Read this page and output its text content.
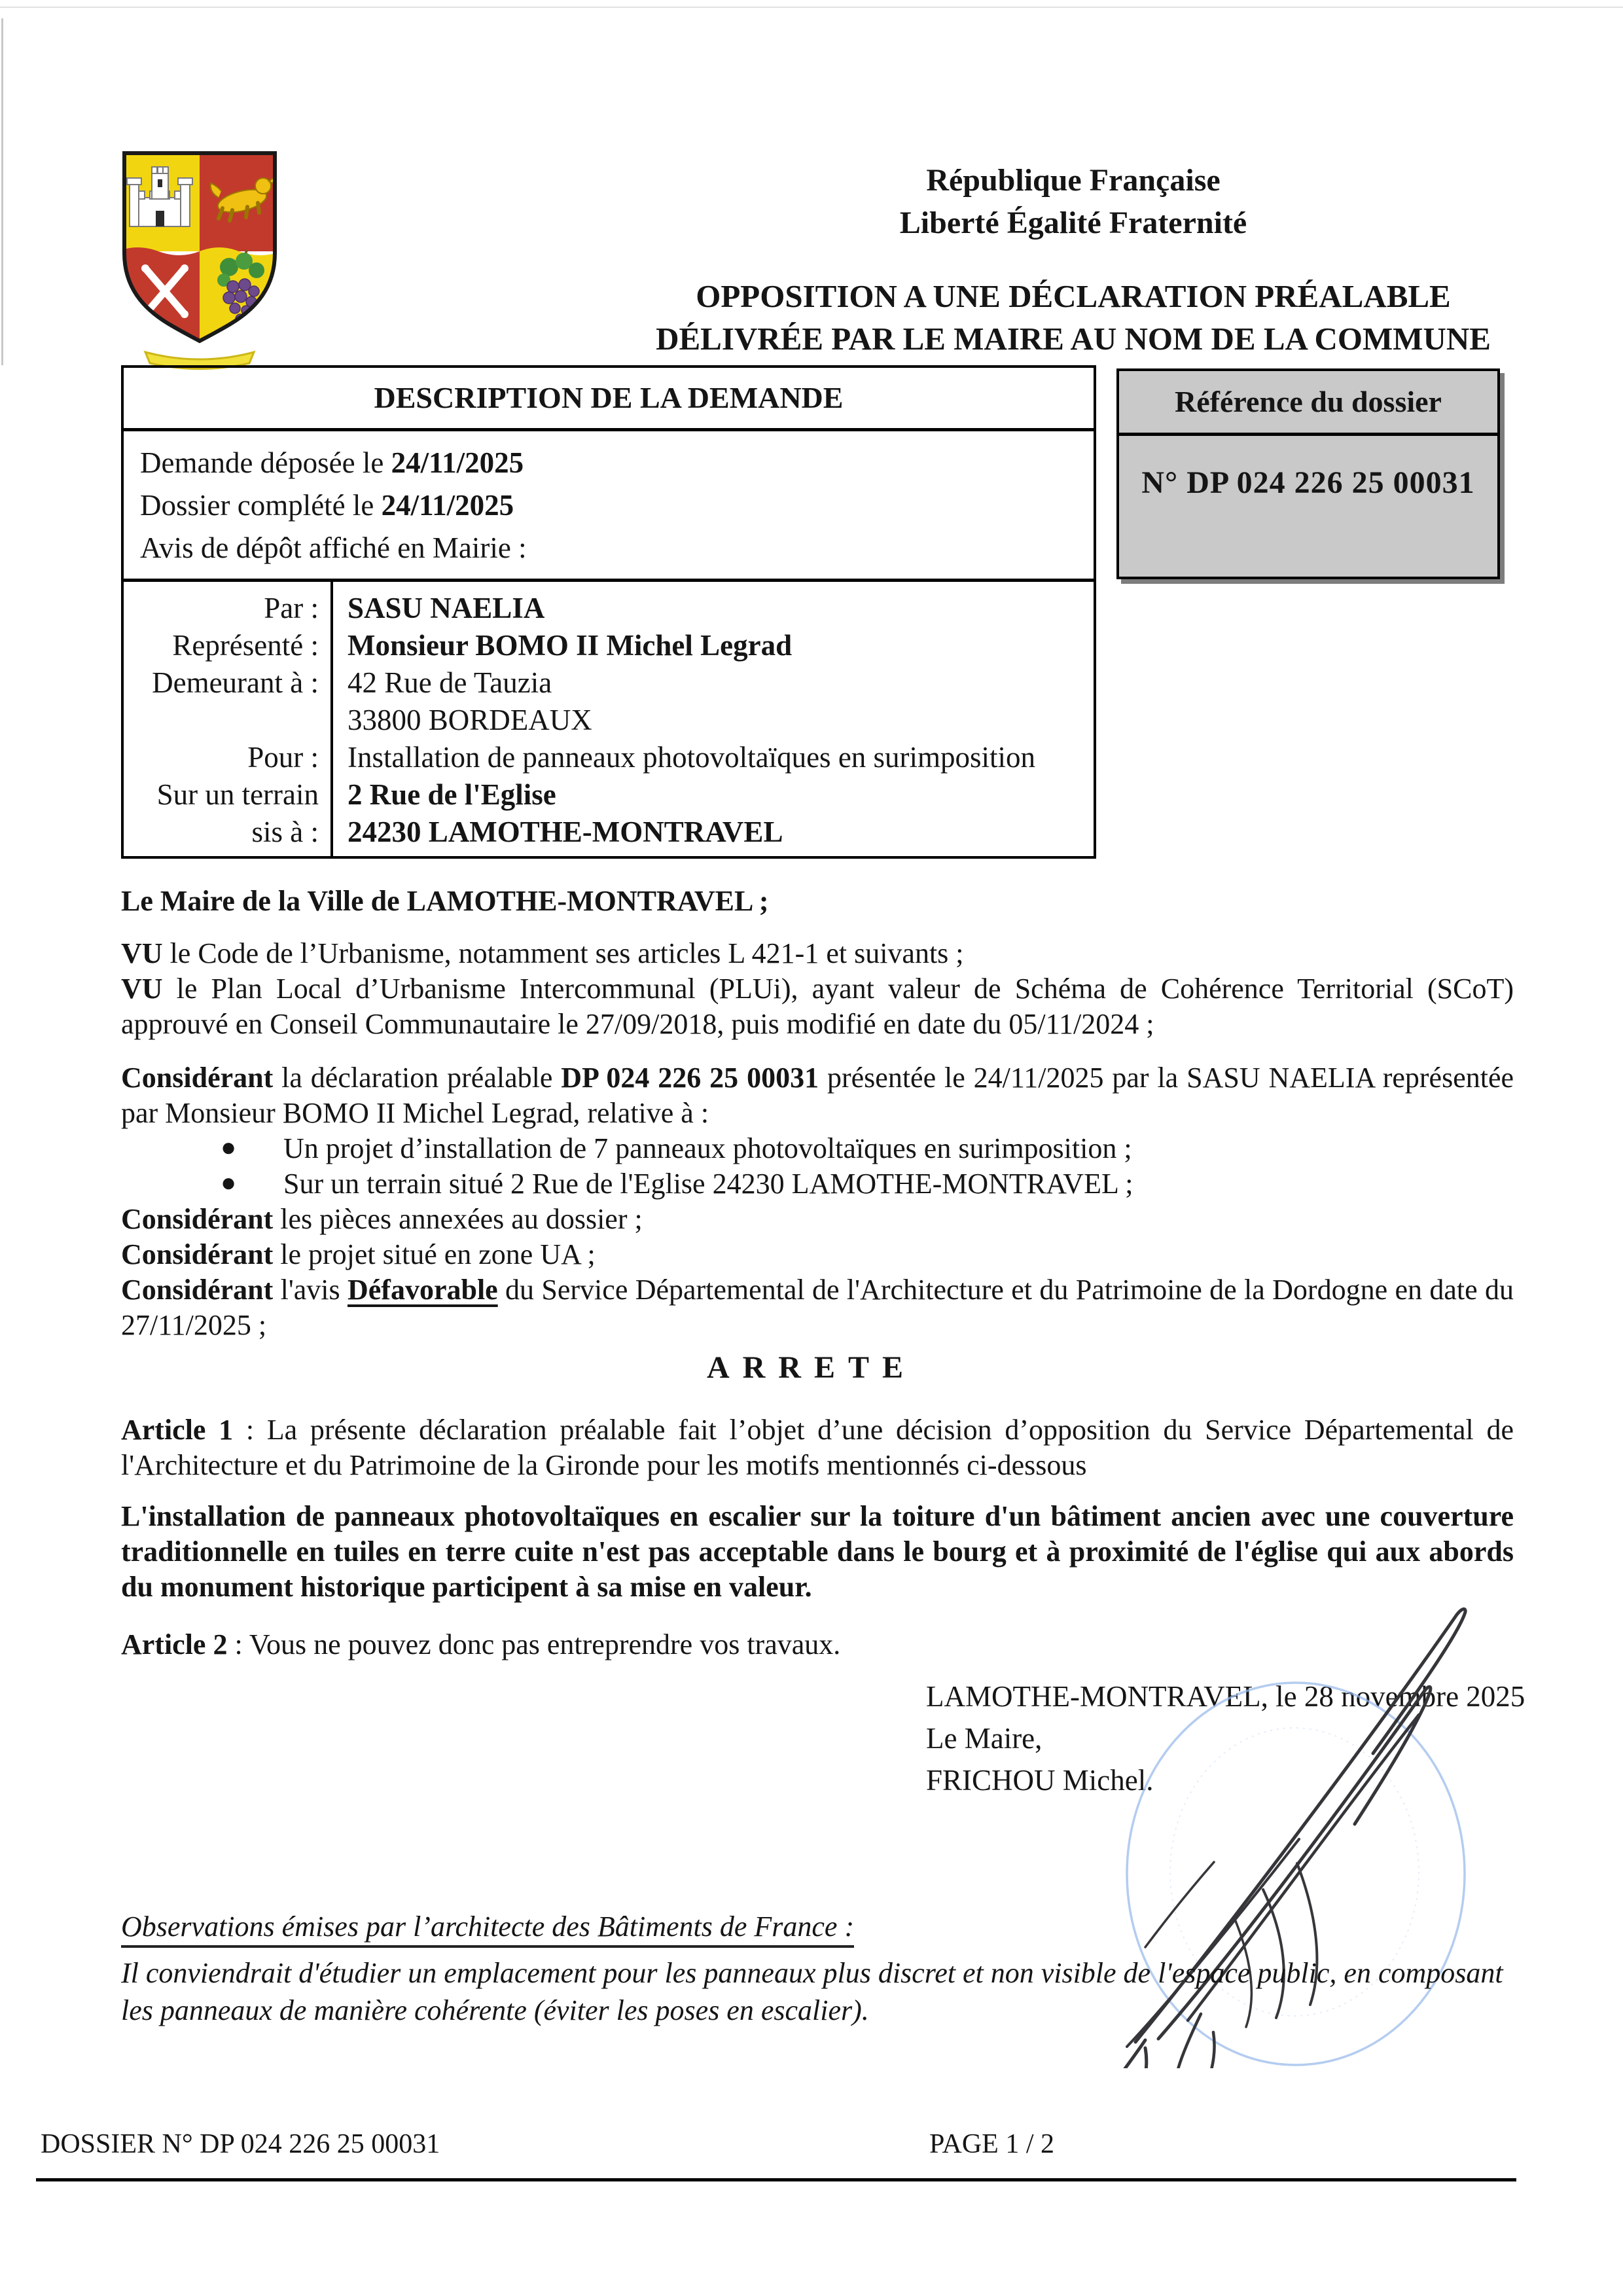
République Française
Liberté Égalité Fraternité
OPPOSITION A UNE DÉCLARATION PRÉALABLE
DÉLIVRÉE PAR LE MAIRE AU NOM DE LA COMMUNE
DESCRIPTION DE LA DEMANDE
Demande déposée le 24/11/2025
Dossier complété le 24/11/2025
Avis de dépôt affiché en Mairie :
Par :
Représenté :
Demeurant à :
Pour :
Sur un terrain
sis à :
SASU NAELIA
Monsieur BOMO II Michel Legrad
42 Rue de Tauzia
33800 BORDEAUX
Installation de panneaux photovoltaïques en surimposition
2 Rue de l'Eglise
24230 LAMOTHE-MONTRAVEL
Référence du dossier
N° DP 024 226 25 00031
Le Maire de la Ville de LAMOTHE-MONTRAVEL ;
VU le Code de l’Urbanisme, notamment ses articles L 421-1 et suivants ;
VU le Plan Local d’Urbanisme Intercommunal (PLUi), ayant valeur de Schéma de Cohérence Territorial (SCoT) approuvé en Conseil Communautaire le 27/09/2018, puis modifié en date du 05/11/2024 ;
Considérant la déclaration préalable DP 024 226 25 00031 présentée le 24/11/2025 par la SASU NAELIA représentée par Monsieur BOMO II Michel Legrad, relative à :
● Un projet d’installation de 7 panneaux photovoltaïques en surimposition ;
● Sur un terrain situé 2 Rue de l'Eglise 24230 LAMOTHE-MONTRAVEL ;
Considérant les pièces annexées au dossier ;
Considérant le projet situé en zone UA ;
Considérant l'avis Défavorable du Service Départemental de l'Architecture et du Patrimoine de la Dordogne en date du 27/11/2025 ;
ARRETE
Article 1 : La présente déclaration préalable fait l’objet d’une décision d’opposition du Service Départemental de l'Architecture et du Patrimoine de la Gironde pour les motifs mentionnés ci-dessous
L'installation de panneaux photovoltaïques en escalier sur la toiture d'un bâtiment ancien avec une couverture traditionnelle en tuiles en terre cuite n'est pas acceptable dans le bourg et à proximité de l'église qui aux abords du monument historique participent à sa mise en valeur.
Article 2 : Vous ne pouvez donc pas entreprendre vos travaux.
LAMOTHE-MONTRAVEL, le 28 novembre 2025
Le Maire,
FRICHOU Michel.
Observations émises par l’architecte des Bâtiments de France :
Il conviendrait d'étudier un emplacement pour les panneaux plus discret et non visible de l'espace public, en composant les panneaux de manière cohérente (éviter les poses en escalier).
DOSSIER N° DP 024 226 25 00031	PAGE 1 / 2
